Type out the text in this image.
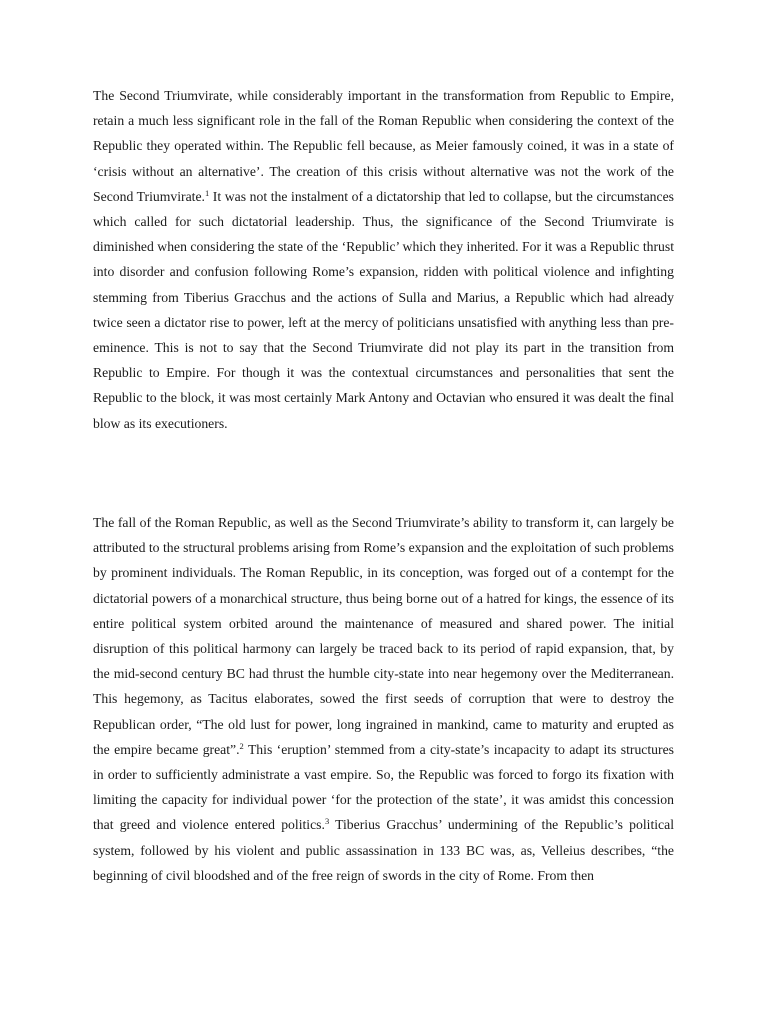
The Second Triumvirate, while considerably important in the transformation from Republic to Empire, retain a much less significant role in the fall of the Roman Republic when considering the context of the Republic they operated within. The Republic fell because, as Meier famously coined, it was in a state of ‘crisis without an alternative’. The creation of this crisis without alternative was not the work of the Second Triumvirate.$^1$ It was not the instalment of a dictatorship that led to collapse, but the circumstances which called for such dictatorial leadership. Thus, the significance of the Second Triumvirate is diminished when considering the state of the ‘Republic’ which they inherited. For it was a Republic thrust into disorder and confusion following Rome’s expansion, ridden with political violence and infighting stemming from Tiberius Gracchus and the actions of Sulla and Marius, a Republic which had already twice seen a dictator rise to power, left at the mercy of politicians unsatisfied with anything less than pre-eminence. This is not to say that the Second Triumvirate did not play its part in the transition from Republic to Empire. For though it was the contextual circumstances and personalities that sent the Republic to the block, it was most certainly Mark Antony and Octavian who ensured it was dealt the final blow as its executioners.

The fall of the Roman Republic, as well as the Second Triumvirate’s ability to transform it, can largely be attributed to the structural problems arising from Rome’s expansion and the exploitation of such problems by prominent individuals. The Roman Republic, in its conception, was forged out of a contempt for the dictatorial powers of a monarchical structure, thus being borne out of a hatred for kings, the essence of its entire political system orbited around the maintenance of measured and shared power. The initial disruption of this political harmony can largely be traced back to its period of rapid expansion, that, by the mid-second century BC had thrust the humble city-state into near hegemony over the Mediterranean. This hegemony, as Tacitus elaborates, sowed the first seeds of corruption that were to destroy the Republican order, “The old lust for power, long ingrained in mankind, came to maturity and erupted as the empire became great”.$^2$ This ‘eruption’ stemmed from a city-state’s incapacity to adapt its structures in order to sufficiently administrate a vast empire. So, the Republic was forced to forgo its fixation with limiting the capacity for individual power ‘for the protection of the state’, it was amidst this concession that greed and violence entered politics.$^3$ Tiberius Gracchus’ undermining of the Republic’s political system, followed by his violent and public assassination in 133 BC was, as, Velleius describes, “the beginning of civil bloodshed and of the free reign of swords in the city of Rome. From then
